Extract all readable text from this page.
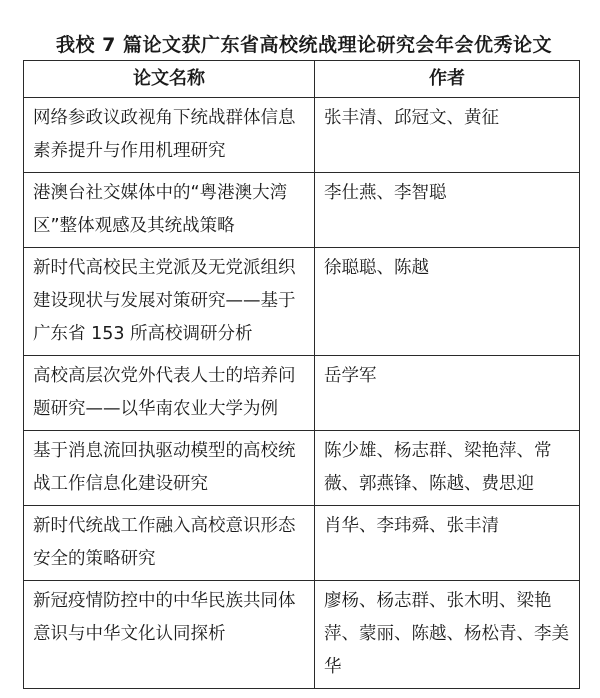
我校 7 篇论文获广东省高校统战理论研究会年会优秀论文
论文名称	作者

网络参政议政视角下统战群体信息素养提升与作用机理研究	张丰清、邱冠文、黄征

港澳台社交媒体中的“粤港澳大湾区”整体观感及其统战策略	李仕燕、李智聪

新时代高校民主党派及无党派组织建设现状与发展对策研究——基于广东省 153 所高校调研分析	徐聪聪、陈越

高校高层次党外代表人士的培养问题研究——以华南农业大学为例	岳学军

基于消息流回执驱动模型的高校统战工作信息化建设研究	陈少雄、杨志群、梁艳萍、常薇、郭燕锋、陈越、费思迎

新时代统战工作融入高校意识形态安全的策略研究	肖华、李玮舜、张丰清

新冠疫情防控中的中华民族共同体意识与中华文化认同探析	廖杨、杨志群、张木明、梁艳萍、蒙丽、陈越、杨松青、李美华
